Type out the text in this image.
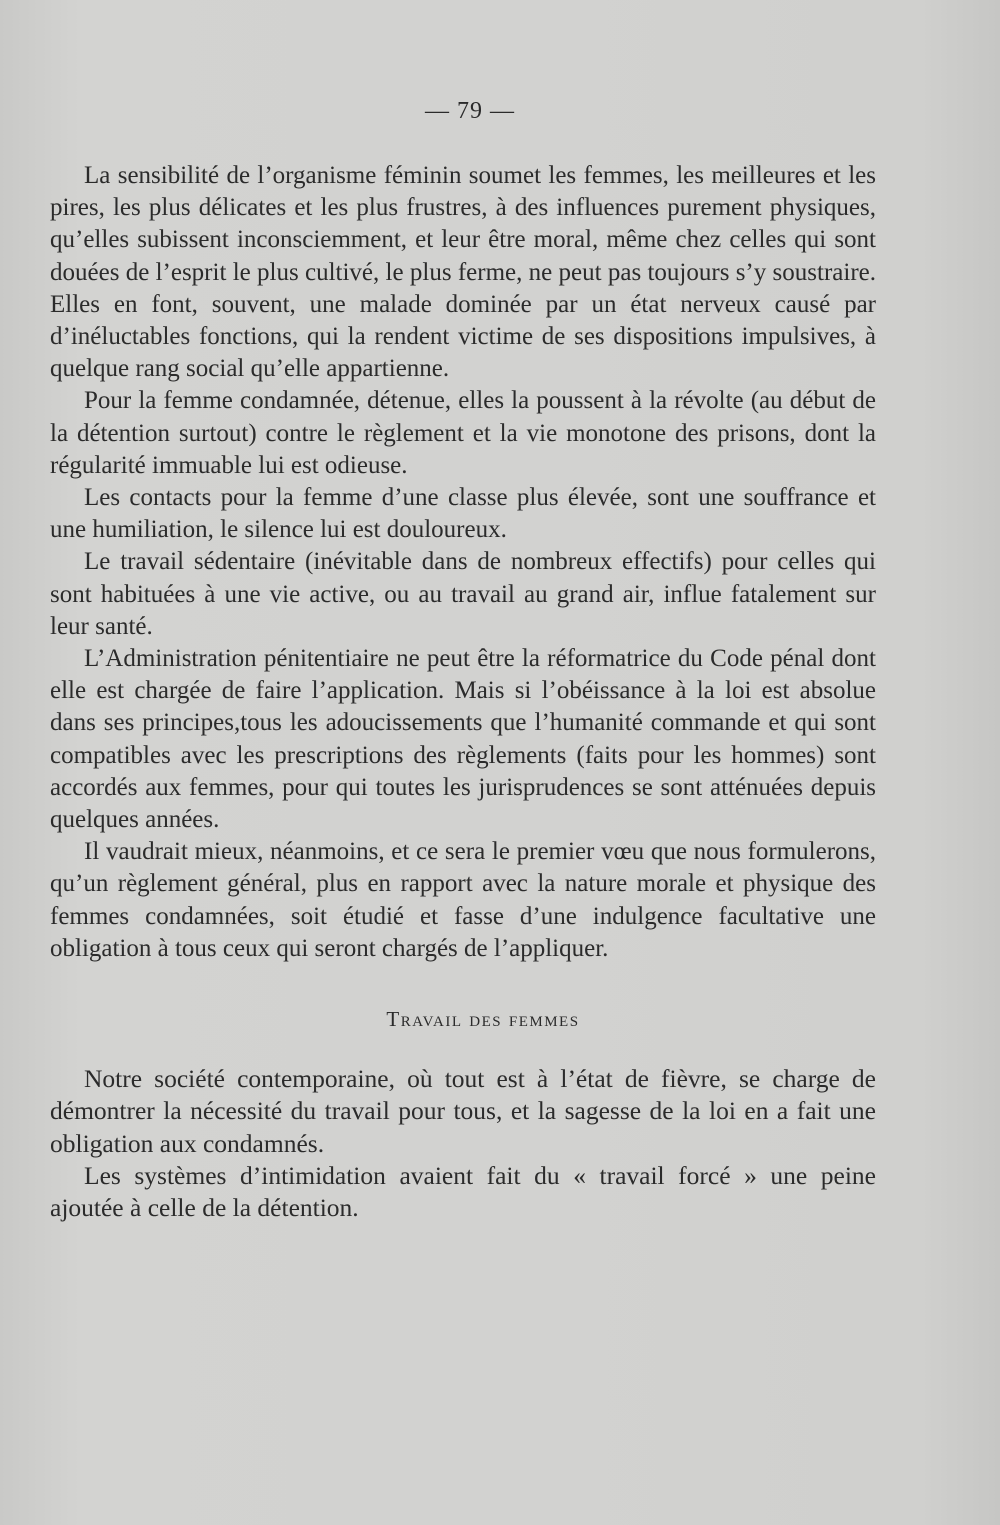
— 79 —

La sensibilité de l’organisme féminin soumet les femmes, les meilleures et les pires, les plus délicates et les plus frustres, à des influences purement physiques, qu’elles subissent inconsciemment, et leur être moral, même chez celles qui sont douées de l’esprit le plus cultivé, le plus ferme, ne peut pas toujours s’y soustraire. Elles en font, souvent, une malade dominée par un état nerveux causé par d’inéluctables fonctions, qui la rendent victime de ses dispositions impulsives, à quelque rang social qu’elle appartienne.

Pour la femme condamnée, détenue, elles la poussent à la révolte (au début de la détention surtout) contre le règlement et la vie monotone des prisons, dont la régularité immuable lui est odieuse.

Les contacts pour la femme d’une classe plus élevée, sont une souffrance et une humiliation, le silence lui est douloureux.

Le travail sédentaire (inévitable dans de nombreux effectifs) pour celles qui sont habituées à une vie active, ou au travail au grand air, influe fatalement sur leur santé.

L’Administration pénitentiaire ne peut être la réformatrice du Code pénal dont elle est chargée de faire l’application. Mais si l’obéissance à la loi est absolue dans ses principes,tous les adoucissements que l’humanité commande et qui sont compatibles avec les prescriptions des règlements (faits pour les hommes) sont accordés aux femmes, pour qui toutes les jurisprudences se sont atténuées depuis quelques années.

Il vaudrait mieux, néanmoins, et ce sera le premier vœu que nous formulerons, qu’un règlement général, plus en rapport avec la nature morale et physique des femmes condamnées, soit étudié et fasse d’une indulgence facultative une obligation à tous ceux qui seront chargés de l’appliquer.

Travail des femmes

Notre société contemporaine, où tout est à l’état de fièvre, se charge de démontrer la nécessité du travail pour tous, et la sagesse de la loi en a fait une obligation aux condamnés.

Les systèmes d’intimidation avaient fait du « travail forcé » une peine ajoutée à celle de la détention.
